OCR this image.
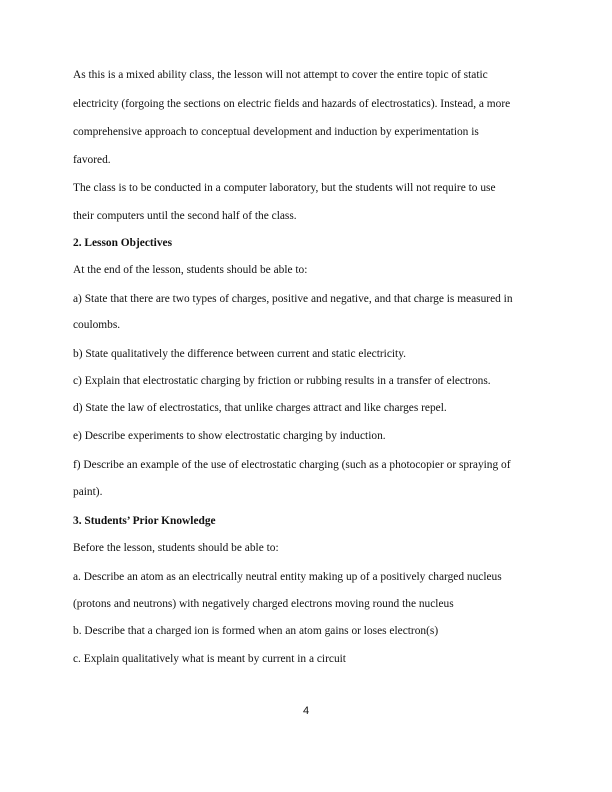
As this is a mixed ability class, the lesson will not attempt to cover the entire topic of static
electricity (forgoing the sections on electric fields and hazards of electrostatics). Instead, a more
comprehensive approach to conceptual development and induction by experimentation is
favored.
The class is to be conducted in a computer laboratory, but the students will not require to use
their computers until the second half of the class.
2. Lesson Objectives
At the end of the lesson, students should be able to:
a) State that there are two types of charges, positive and negative, and that charge is measured in
coulombs.
b) State qualitatively the difference between current and static electricity.
c) Explain that electrostatic charging by friction or rubbing results in a transfer of electrons.
d) State the law of electrostatics, that unlike charges attract and like charges repel.
e) Describe experiments to show electrostatic charging by induction.
f) Describe an example of the use of electrostatic charging (such as a photocopier or spraying of
paint).
3. Students’ Prior Knowledge
Before the lesson, students should be able to:
a. Describe an atom as an electrically neutral entity making up of a positively charged nucleus
(protons and neutrons) with negatively charged electrons moving round the nucleus
b. Describe that a charged ion is formed when an atom gains or loses electron(s)
c. Explain qualitatively what is meant by current in a circuit
4
